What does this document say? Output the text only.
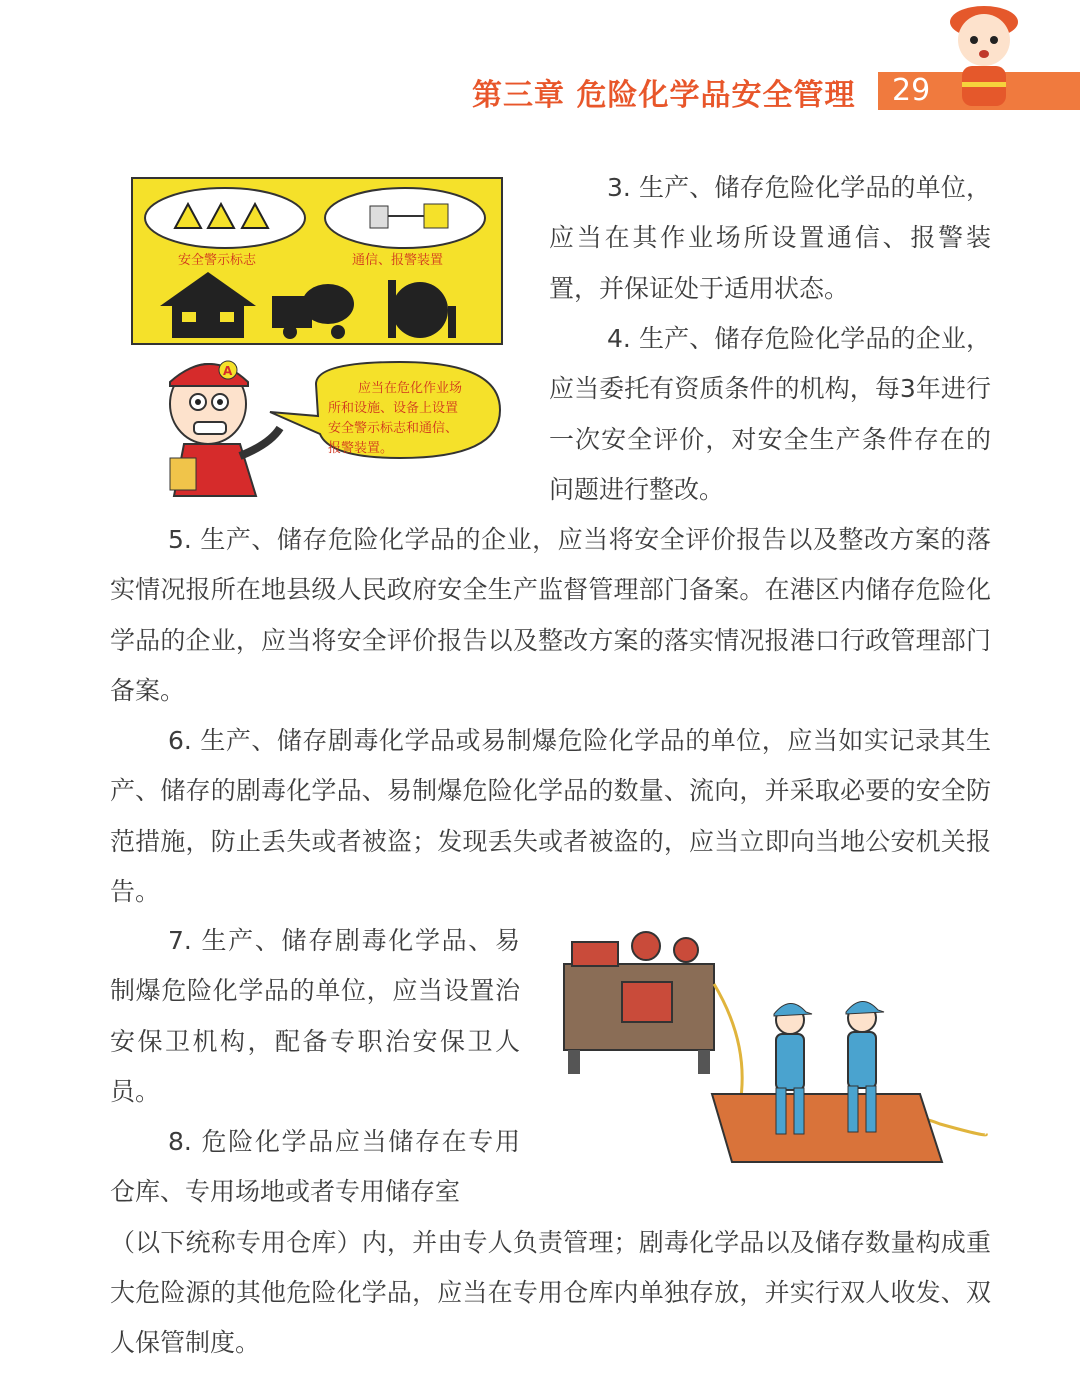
第三章 危险化学品安全管理 29
安全警示标志	通信、报警装置
A
应当在危化作业场
所和设施、设备上设置
安全警示标志和通信、
报警装置。

3. 生产、储存危险化学品的单位，应当在其作业场所设置通信、报警装置，并保证处于适用状态。

4. 生产、储存危险化学品的企业，应当委托有资质条件的机构，每3年进行一次安全评价，对安全生产条件存在的问题进行整改。

5. 生产、储存危险化学品的企业，应当将安全评价报告以及整改方案的落实情况报所在地县级人民政府安全生产监督管理部门备案。在港区内储存危险化学品的企业，应当将安全评价报告以及整改方案的落实情况报港口行政管理部门备案。

6. 生产、储存剧毒化学品或易制爆危险化学品的单位，应当如实记录其生产、储存的剧毒化学品、易制爆危险化学品的数量、流向，并采取必要的安全防范措施，防止丢失或者被盗；发现丢失或者被盗的，应当立即向当地公安机关报告。

7. 生产、储存剧毒化学品、易制爆危险化学品的单位，应当设置治安保卫机构，配备专职治安保卫人员。

8. 危险化学品应当储存在专用仓库、专用场地或者专用储存室
（以下统称专用仓库）内，并由专人负责管理；剧毒化学品以及储存数量构成重大危险源的其他危险化学品，应当在专用仓库内单独存放，并实行双人收发、双人保管制度。
